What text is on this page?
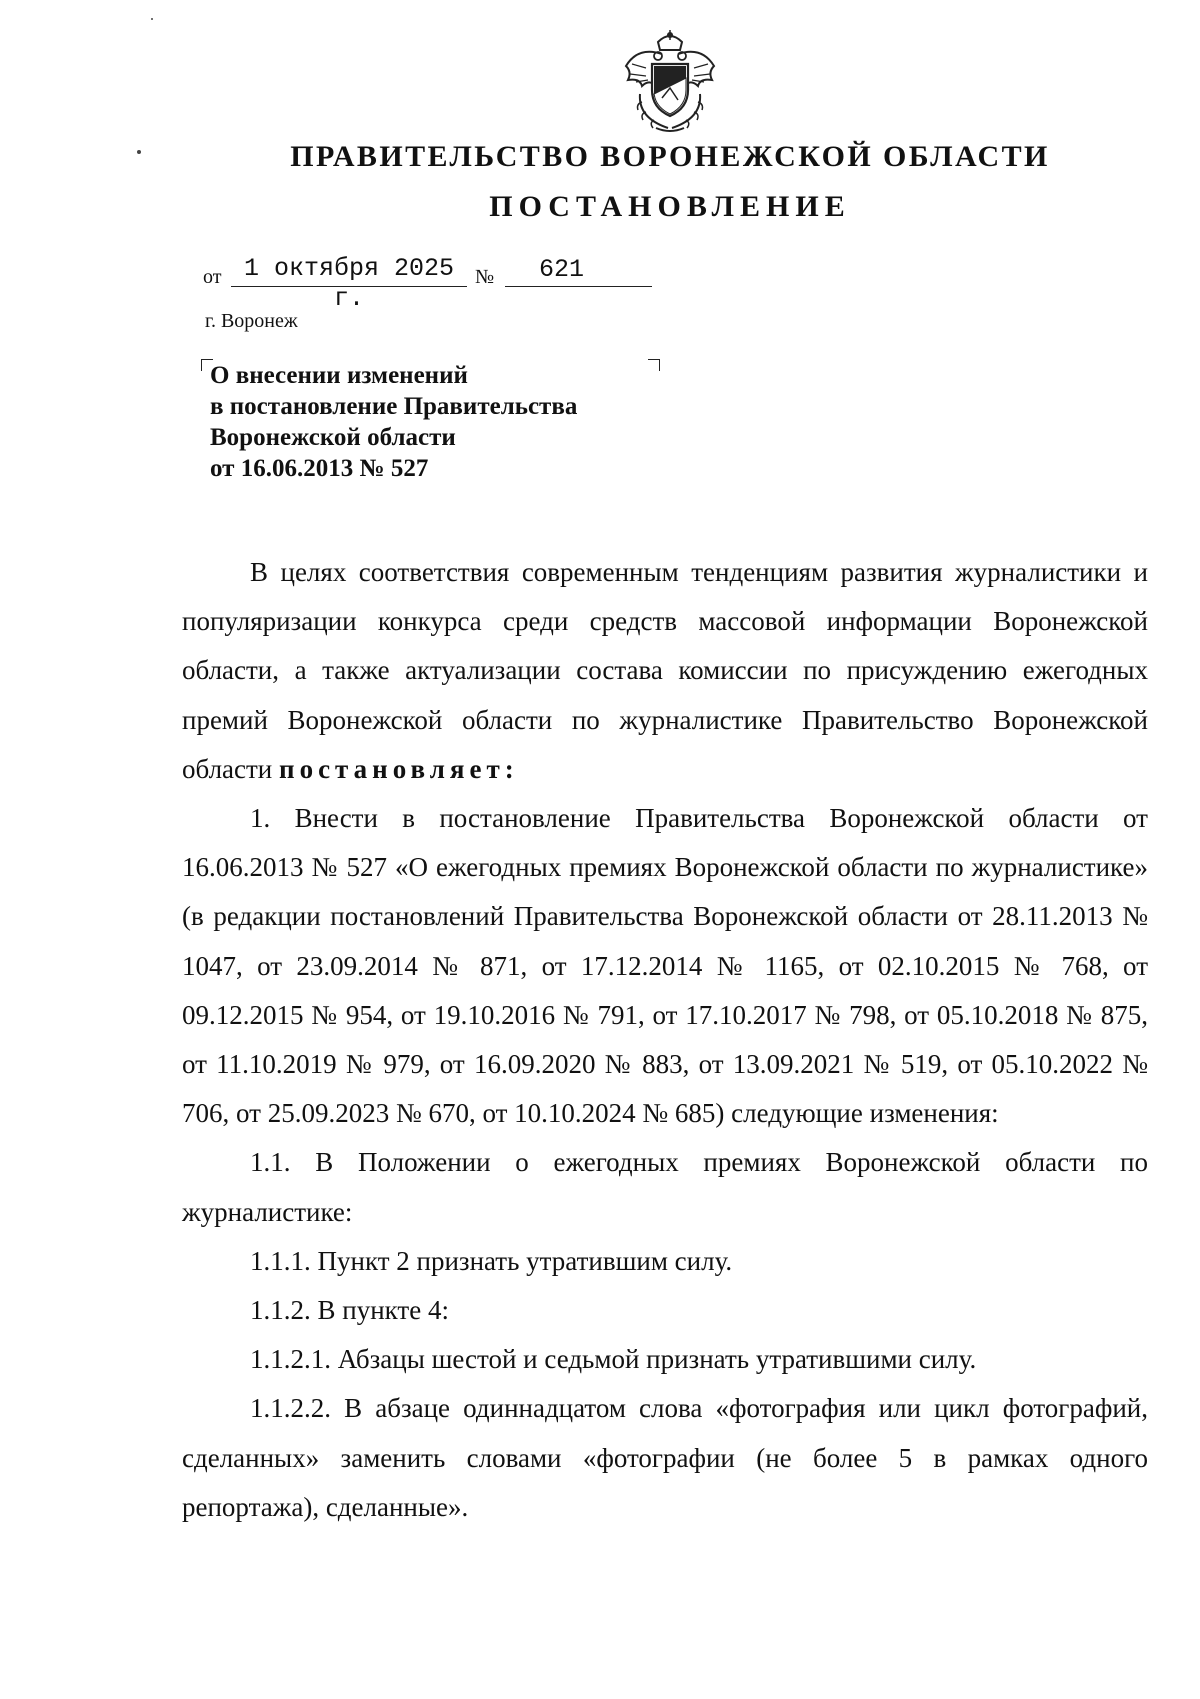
ПРАВИТЕЛЬСТВО ВОРОНЕЖСКОЙ ОБЛАСТИ
ПОСТАНОВЛЕНИЕ
от 1 октября 2025 г.
№	621
г. Воронеж
О внесении изменений
в постановление Правительства
Воронежской области
от 16.06.2013 № 527

В целях соответствия современным тенденциям развития журналистики и популяризации конкурса среди средств массовой информации Воронежской области, а также актуализации состава комиссии по присуждению ежегодных премий Воронежской области по журналистике Правительство Воронежской области постановляет:

1. Внести в постановление Правительства Воронежской области от 16.06.2013 № 527 «О ежегодных премиях Воронежской области по журналистике» (в редакции постановлений Правительства Воронежской области от 28.11.2013 № 1047, от 23.09.2014 № 871, от 17.12.2014 № 1165, от 02.10.2015 № 768, от 09.12.2015 № 954, от 19.10.2016 № 791, от 17.10.2017 № 798, от 05.10.2018 № 875, от 11.10.2019 № 979, от 16.09.2020 № 883, от 13.09.2021 № 519, от 05.10.2022 № 706, от 25.09.2023 № 670, от 10.10.2024 № 685) следующие изменения:

1.1. В Положении о ежегодных премиях Воронежской области по журналистике:

1.1.1. Пункт 2 признать утратившим силу.

1.1.2. В пункте 4:

1.1.2.1. Абзацы шестой и седьмой признать утратившими силу.

1.1.2.2. В абзаце одиннадцатом слова «фотография или цикл фотографий, сделанных» заменить словами «фотографии (не более 5 в рамках одного репортажа), сделанные».
